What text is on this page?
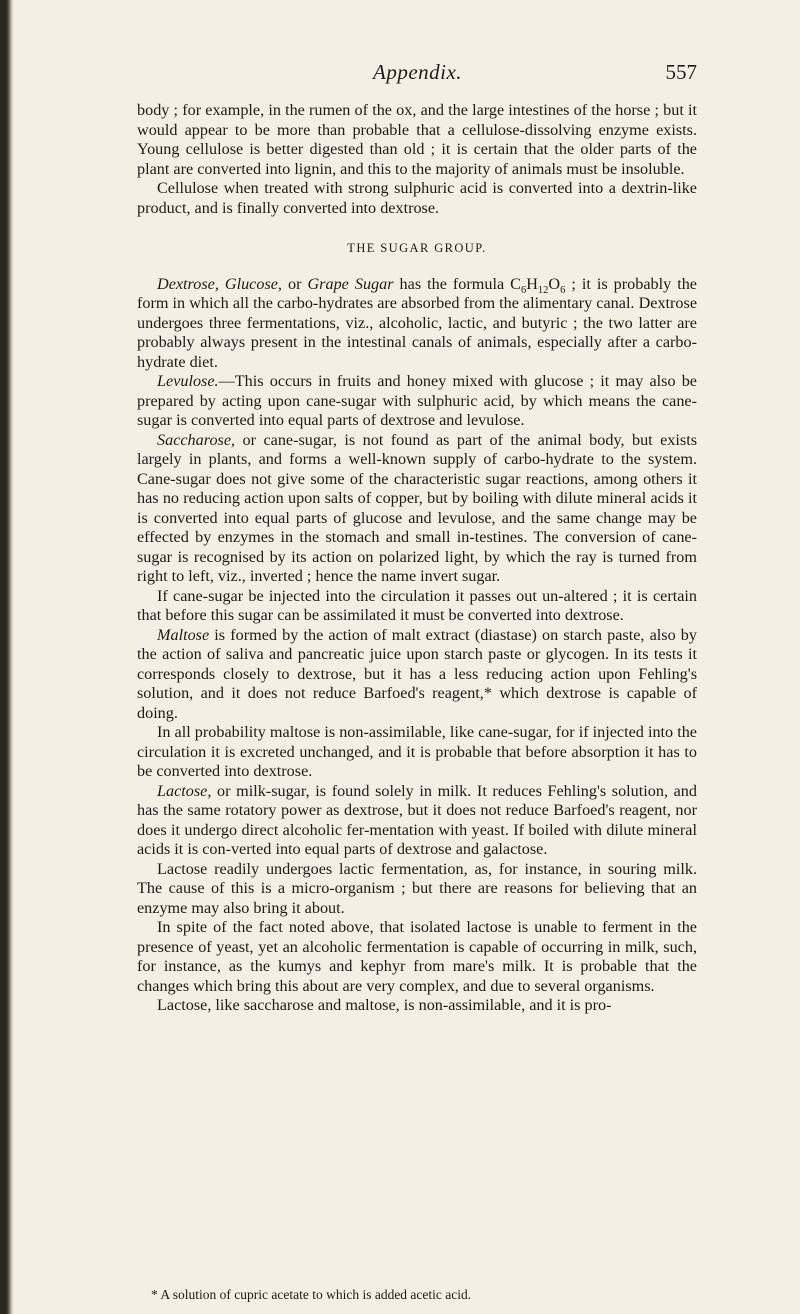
Appendix.	557

body ; for example, in the rumen of the ox, and the large intestines of the horse ; but it would appear to be more than probable that a cellulose-dissolving enzyme exists. Young cellulose is better digested than old ; it is certain that the older parts of the plant are converted into lignin, and this to the majority of animals must be insoluble.

Cellulose when treated with strong sulphuric acid is converted into a dextrin-like product, and is finally converted into dextrose.

THE SUGAR GROUP.

Dextrose, Glucose, or Grape Sugar has the formula $C_6H_{12}O_6$ ; it is probably the form in which all the carbo-hydrates are absorbed from the alimentary canal. Dextrose undergoes three fermentations, viz., alcoholic, lactic, and butyric ; the two latter are probably always present in the intestinal canals of animals, especially after a carbo-hydrate diet.

Levulose.—This occurs in fruits and honey mixed with glucose ; it may also be prepared by acting upon cane-sugar with sulphuric acid, by which means the cane-sugar is converted into equal parts of dextrose and levulose.

Saccharose, or cane-sugar, is not found as part of the animal body, but exists largely in plants, and forms a well-known supply of carbo-hydrate to the system. Cane-sugar does not give some of the characteristic sugar reactions, among others it has no reducing action upon salts of copper, but by boiling with dilute mineral acids it is converted into equal parts of glucose and levulose, and the same change may be effected by enzymes in the stomach and small in-testines. The conversion of cane-sugar is recognised by its action on polarized light, by which the ray is turned from right to left, viz., inverted ; hence the name invert sugar.

If cane-sugar be injected into the circulation it passes out un-altered ; it is certain that before this sugar can be assimilated it must be converted into dextrose.

Maltose is formed by the action of malt extract (diastase) on starch paste, also by the action of saliva and pancreatic juice upon starch paste or glycogen. In its tests it corresponds closely to dextrose, but it has a less reducing action upon Fehling's solution, and it does not reduce Barfoed's reagent,* which dextrose is capable of doing.

In all probability maltose is non-assimilable, like cane-sugar, for if injected into the circulation it is excreted unchanged, and it is probable that before absorption it has to be converted into dextrose.

Lactose, or milk-sugar, is found solely in milk. It reduces Fehling's solution, and has the same rotatory power as dextrose, but it does not reduce Barfoed's reagent, nor does it undergo direct alcoholic fer-mentation with yeast. If boiled with dilute mineral acids it is con-verted into equal parts of dextrose and galactose.

Lactose readily undergoes lactic fermentation, as, for instance, in souring milk. The cause of this is a micro-organism ; but there are reasons for believing that an enzyme may also bring it about.

In spite of the fact noted above, that isolated lactose is unable to ferment in the presence of yeast, yet an alcoholic fermentation is capable of occurring in milk, such, for instance, as the kumys and kephyr from mare's milk. It is probable that the changes which bring this about are very complex, and due to several organisms.

Lactose, like saccharose and maltose, is non-assimilable, and it is pro-

* A solution of cupric acetate to which is added acetic acid.
